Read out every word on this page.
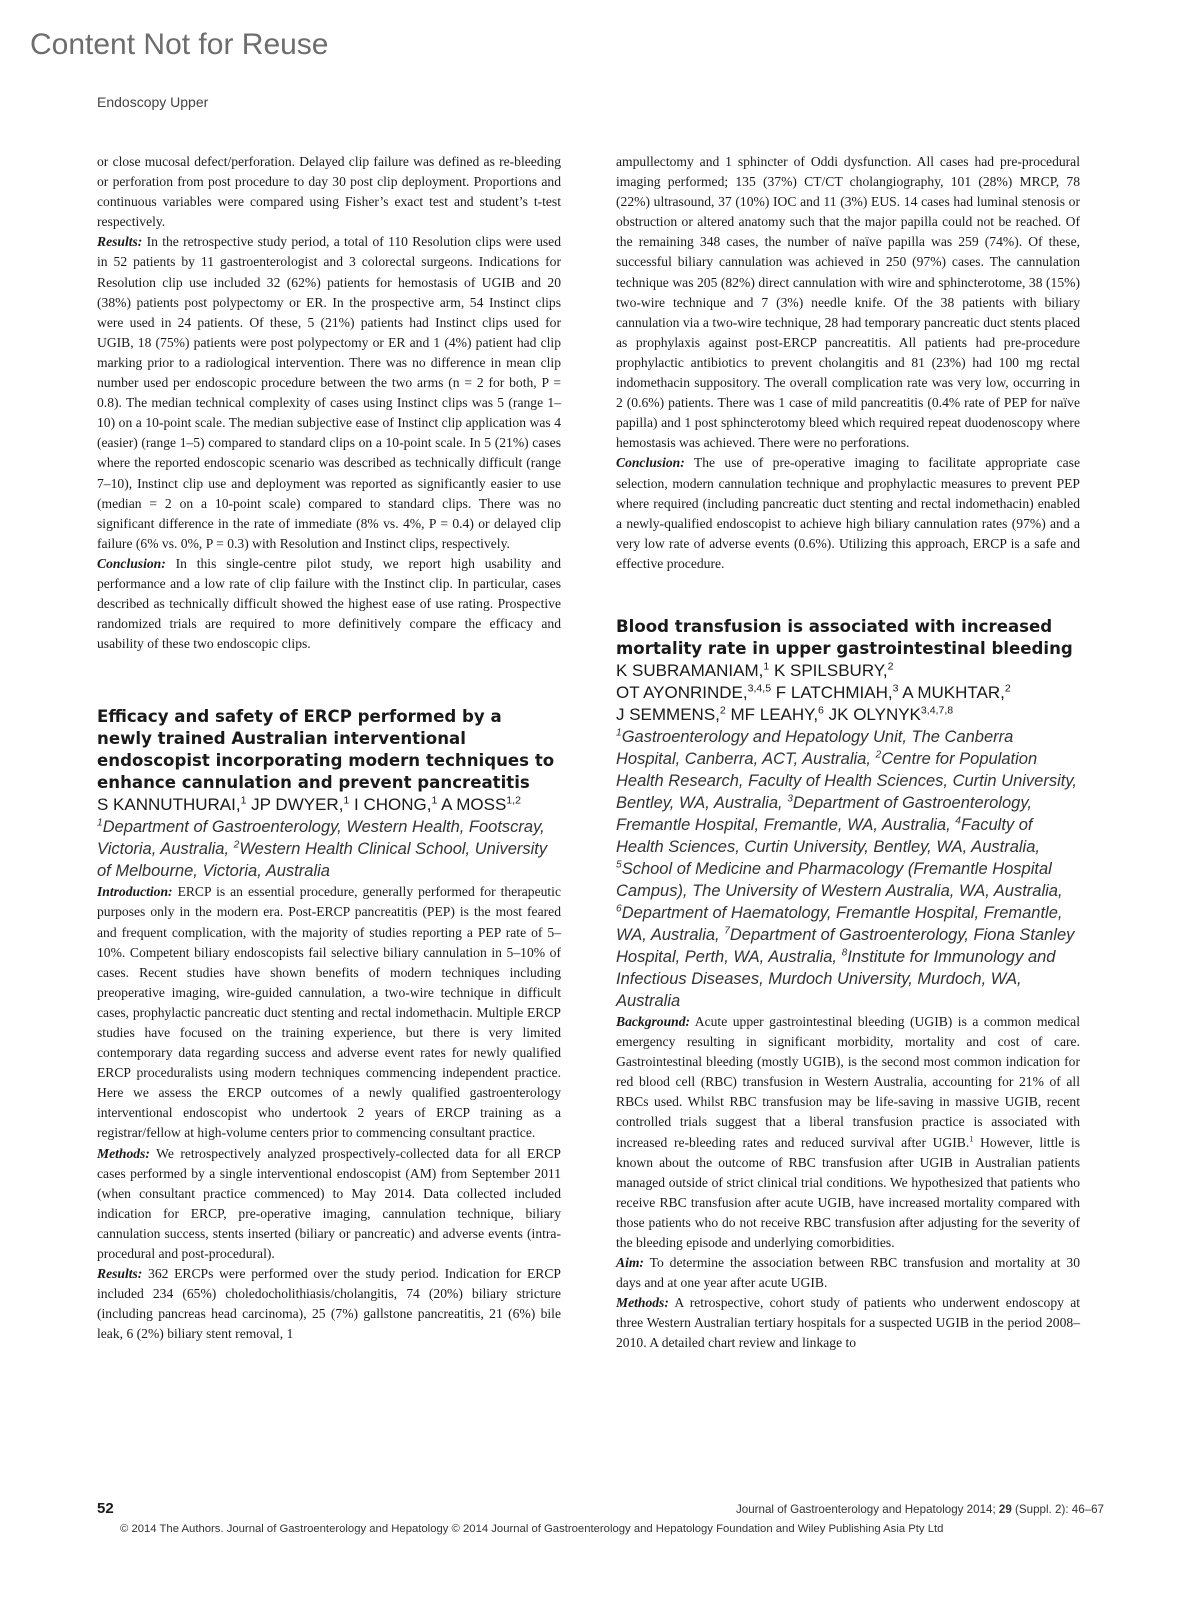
Content Not for Reuse
Endoscopy Upper

or close mucosal defect/perforation. Delayed clip failure was defined as re-bleeding or perforation from post procedure to day 30 post clip deployment. Proportions and continuous variables were compared using Fisher’s exact test and student’s t-test respectively.

Results: In the retrospective study period, a total of 110 Resolution clips were used in 52 patients by 11 gastroenterologist and 3 colorectal surgeons. Indications for Resolution clip use included 32 (62%) patients for hemostasis of UGIB and 20 (38%) patients post polypectomy or ER. In the prospective arm, 54 Instinct clips were used in 24 patients. Of these, 5 (21%) patients had Instinct clips used for UGIB, 18 (75%) patients were post polypectomy or ER and 1 (4%) patient had clip marking prior to a radiological intervention. There was no difference in mean clip number used per endoscopic procedure between the two arms (n = 2 for both, P = 0.8). The median technical complexity of cases using Instinct clips was 5 (range 1–10) on a 10-point scale. The median subjective ease of Instinct clip application was 4 (easier) (range 1–5) compared to standard clips on a 10-point scale. In 5 (21%) cases where the reported endoscopic scenario was described as technically difficult (range 7–10), Instinct clip use and deployment was reported as significantly easier to use (median = 2 on a 10-point scale) compared to standard clips. There was no significant difference in the rate of immediate (8% vs. 4%, P = 0.4) or delayed clip failure (6% vs. 0%, P = 0.3) with Resolution and Instinct clips, respectively.

Conclusion: In this single-centre pilot study, we report high usability and performance and a low rate of clip failure with the Instinct clip. In particular, cases described as technically difficult showed the highest ease of use rating. Prospective randomized trials are required to more definitively compare the efficacy and usability of these two endoscopic clips.

Efficacy and safety of ERCP performed by a newly trained Australian interventional endoscopist incorporating modern techniques to enhance cannulation and prevent pancreatitis

S KANNUTHURAI,$^1$ JP DWYER,$^1$ I CHONG,$^1$ A MOSS$^{1,2}$

$^1$Department of Gastroenterology, Western Health, Footscray, Victoria, Australia, $^2$Western Health Clinical School, University of Melbourne, Victoria, Australia

Introduction: ERCP is an essential procedure, generally performed for therapeutic purposes only in the modern era. Post-ERCP pancreatitis (PEP) is the most feared and frequent complication, with the majority of studies reporting a PEP rate of 5–10%. Competent biliary endoscopists fail selective biliary cannulation in 5–10% of cases. Recent studies have shown benefits of modern techniques including preoperative imaging, wire-guided cannulation, a two-wire technique in difficult cases, prophylactic pancreatic duct stenting and rectal indomethacin. Multiple ERCP studies have focused on the training experience, but there is very limited contemporary data regarding success and adverse event rates for newly qualified ERCP proceduralists using modern techniques commencing independent practice. Here we assess the ERCP outcomes of a newly qualified gastroenterology interventional endoscopist who undertook 2 years of ERCP training as a registrar/fellow at high-volume centers prior to commencing consultant practice.

Methods: We retrospectively analyzed prospectively-collected data for all ERCP cases performed by a single interventional endoscopist (AM) from September 2011 (when consultant practice commenced) to May 2014. Data collected included indication for ERCP, pre-operative imaging, cannulation technique, biliary cannulation success, stents inserted (biliary or pancreatic) and adverse events (intra-procedural and post-procedural).

Results: 362 ERCPs were performed over the study period. Indication for ERCP included 234 (65%) choledocholithiasis/cholangitis, 74 (20%) biliary stricture (including pancreas head carcinoma), 25 (7%) gallstone pancreatitis, 21 (6%) bile leak, 6 (2%) biliary stent removal, 1

ampullectomy and 1 sphincter of Oddi dysfunction. All cases had pre-procedural imaging performed; 135 (37%) CT/CT cholangiography, 101 (28%) MRCP, 78 (22%) ultrasound, 37 (10%) IOC and 11 (3%) EUS. 14 cases had luminal stenosis or obstruction or altered anatomy such that the major papilla could not be reached. Of the remaining 348 cases, the number of naïve papilla was 259 (74%). Of these, successful biliary cannulation was achieved in 250 (97%) cases. The cannulation technique was 205 (82%) direct cannulation with wire and sphincterotome, 38 (15%) two-wire technique and 7 (3%) needle knife. Of the 38 patients with biliary cannulation via a two-wire technique, 28 had temporary pancreatic duct stents placed as prophylaxis against post-ERCP pancreatitis. All patients had pre-procedure prophylactic antibiotics to prevent cholangitis and 81 (23%) had 100 mg rectal indomethacin suppository. The overall complication rate was very low, occurring in 2 (0.6%) patients. There was 1 case of mild pancreatitis (0.4% rate of PEP for naïve papilla) and 1 post sphincterotomy bleed which required repeat duodenoscopy where hemostasis was achieved. There were no perforations.

Conclusion: The use of pre-operative imaging to facilitate appropriate case selection, modern cannulation technique and prophylactic measures to prevent PEP where required (including pancreatic duct stenting and rectal indomethacin) enabled a newly-qualified endoscopist to achieve high biliary cannulation rates (97%) and a very low rate of adverse events (0.6%). Utilizing this approach, ERCP is a safe and effective procedure.

Blood transfusion is associated with increased mortality rate in upper gastrointestinal bleeding

K SUBRAMANIAM,$^1$ K SPILSBURY,$^2$
OT AYONRINDE,$^{3,4,5}$ F LATCHMIAH,$^3$ A MUKHTAR,$^2$
J SEMMENS,$^2$ MF LEAHY,$^6$ JK OLYNYK$^{3,4,7,8}$

$^1$Gastroenterology and Hepatology Unit, The Canberra Hospital, Canberra, ACT, Australia, $^2$Centre for Population Health Research, Faculty of Health Sciences, Curtin University, Bentley, WA, Australia, $^3$Department of Gastroenterology, Fremantle Hospital, Fremantle, WA, Australia, $^4$Faculty of Health Sciences, Curtin University, Bentley, WA, Australia, $^5$School of Medicine and Pharmacology (Fremantle Hospital Campus), The University of Western Australia, WA, Australia, $^6$Department of Haematology, Fremantle Hospital, Fremantle, WA, Australia, $^7$Department of Gastroenterology, Fiona Stanley Hospital, Perth, WA, Australia, $^8$Institute for Immunology and Infectious Diseases, Murdoch University, Murdoch, WA, Australia

Background: Acute upper gastrointestinal bleeding (UGIB) is a common medical emergency resulting in significant morbidity, mortality and cost of care. Gastrointestinal bleeding (mostly UGIB), is the second most common indication for red blood cell (RBC) transfusion in Western Australia, accounting for 21% of all RBCs used. Whilst RBC transfusion may be life-saving in massive UGIB, recent controlled trials suggest that a liberal transfusion practice is associated with increased re-bleeding rates and reduced survival after UGIB.$^1$ However, little is known about the outcome of RBC transfusion after UGIB in Australian patients managed outside of strict clinical trial conditions. We hypothesized that patients who receive RBC transfusion after acute UGIB, have increased mortality compared with those patients who do not receive RBC transfusion after adjusting for the severity of the bleeding episode and underlying comorbidities.

Aim: To determine the association between RBC transfusion and mortality at 30 days and at one year after acute UGIB.

Methods: A retrospective, cohort study of patients who underwent endoscopy at three Western Australian tertiary hospitals for a suspected UGIB in the period 2008–2010. A detailed chart review and linkage to

52	Journal of Gastroenterology and Hepatology 2014; 29 (Suppl. 2): 46–67
© 2014 The Authors. Journal of Gastroenterology and Hepatology © 2014 Journal of Gastroenterology and Hepatology Foundation and Wiley Publishing Asia Pty Ltd
